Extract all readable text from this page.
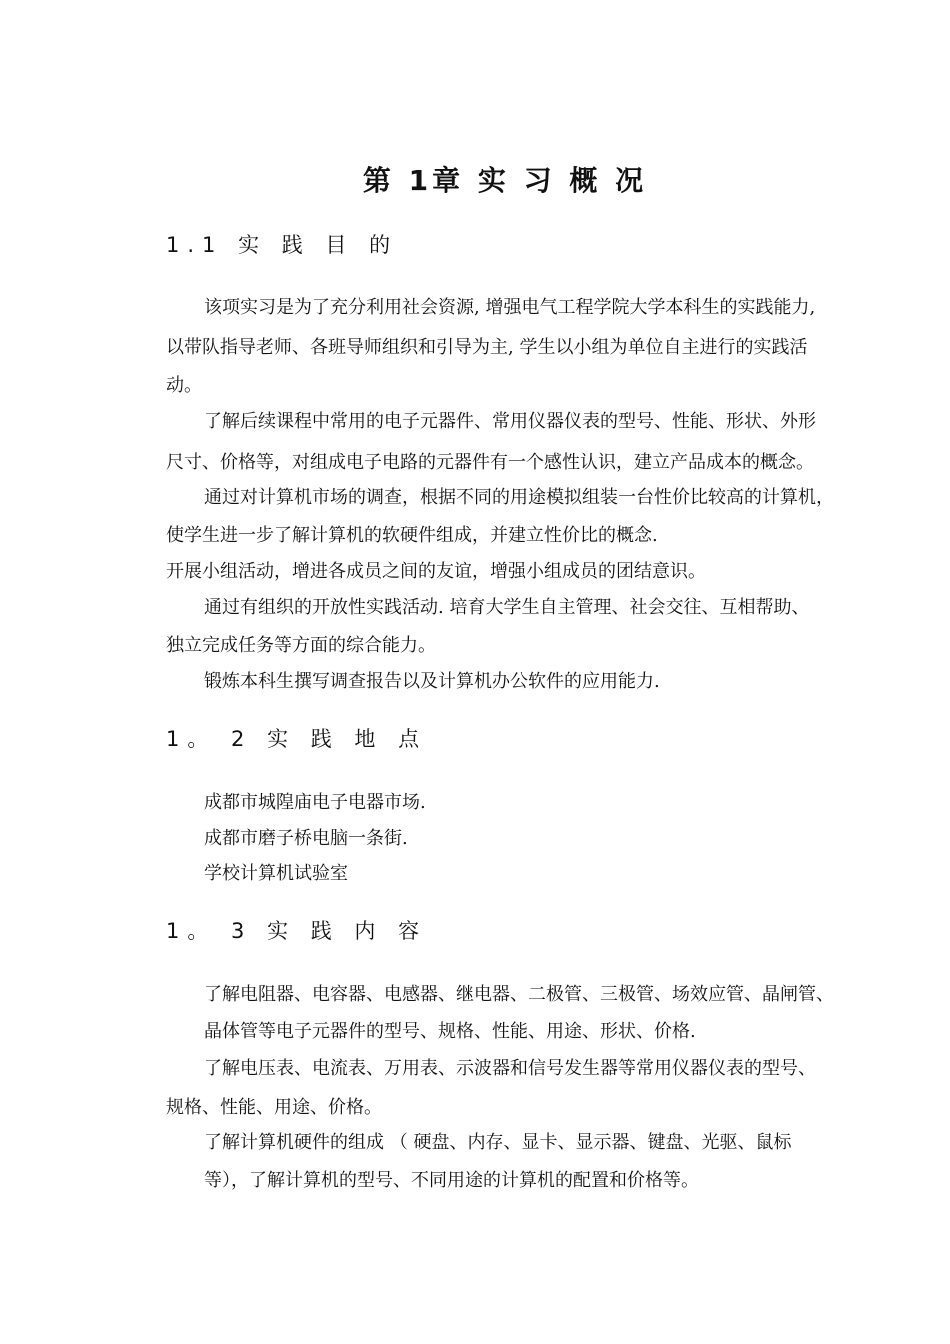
第 1章 实 习 概 况
1.1 实 践 目 的
该项实习是为了充分利用社会资源, 增强电气工程学院大学本科生的实践能力,
以带队指导老师、各班导师组织和引导为主, 学生以小组为单位自主进行的实践活
动。
了解后续课程中常用的电子元器件、常用仪器仪表的型号、性能、形状、外形
尺寸、价格等，对组成电子电路的元器件有一个感性认识，建立产品成本的概念。
通过对计算机市场的调查，根据不同的用途模拟组装一台性价比较高的计算机，
使学生进一步了解计算机的软硬件组成，并建立性价比的概念.
开展小组活动，增进各成员之间的友谊，增强小组成员的团结意识。
通过有组织的开放性实践活动. 培育大学生自主管理、社会交往、互相帮助、
独立完成任务等方面的综合能力。
锻炼本科生撰写调查报告以及计算机办公软件的应用能力.
1。 2 实 践 地 点
成都市城隍庙电子电器市场.
成都市磨子桥电脑一条街.
学校计算机试验室
1。 3 实 践 内 容
了解电阻器、电容器、电感器、继电器、二极管、三极管、场效应管、晶闸管、
晶体管等电子元器件的型号、规格、性能、用途、形状、价格.
了解电压表、电流表、万用表、示波器和信号发生器等常用仪器仪表的型号、
规格、性能、用途、价格。
了解计算机硬件的组成 （ 硬盘、内存、显卡、显示器、键盘、光驱、鼠标
等），了解计算机的型号、不同用途的计算机的配置和价格等。
